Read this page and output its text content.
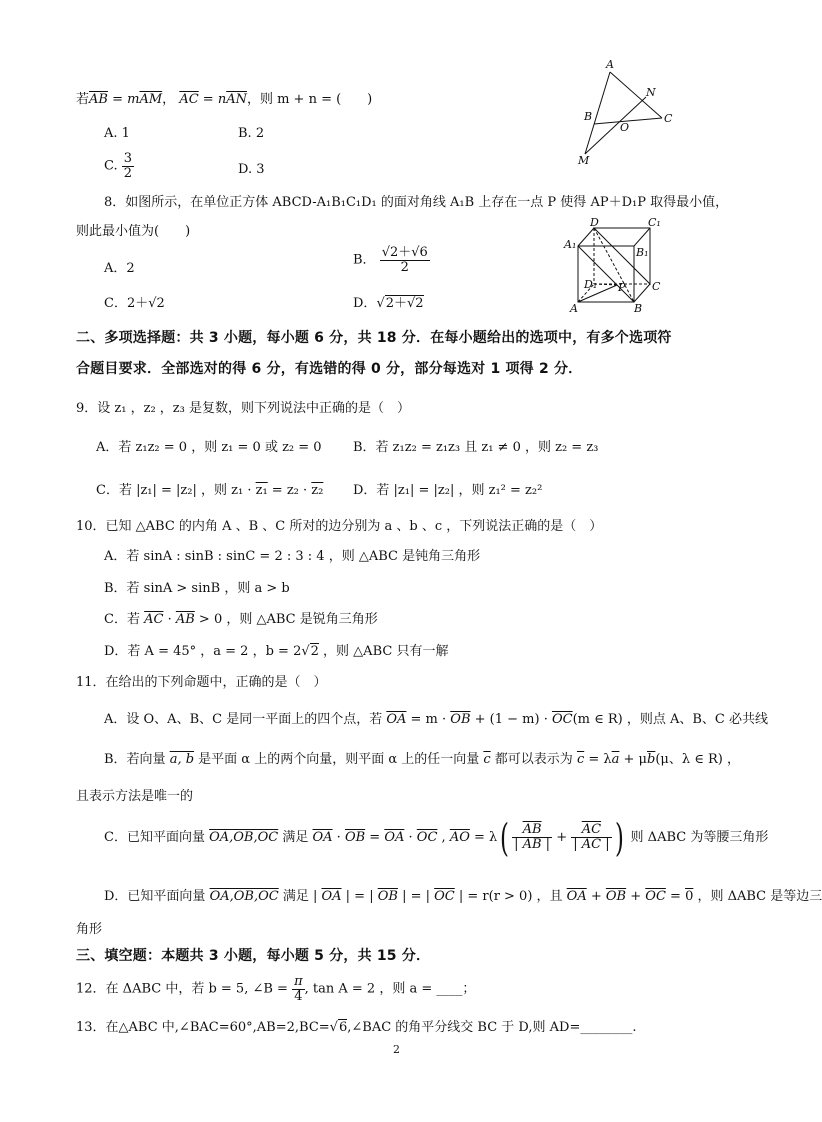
若$\overline{AB} = m\overline{AM}$， $\overline{AC} = n\overline{AN}$，则 m + n = (　　)
A. 1	B. 2
C. $\frac{3}{2}$	D. 3
A
N
B
O
C
M
8．如图所示，在单位正方体 ABCD-A₁B₁C₁D₁ 的面对角线 A₁B 上存在一点 P 使得 AP＋D₁P 取得最小值，
则此最小值为(　　)
A．2
B． $\frac{√2+√6}{2}$
C．2＋√2	D．√2＋√2
D	C₁
A₁
B₁
D₁ P C
A	B
二、多项选择题：共 3 小题，每小题 6 分，共 18 分．在每小题给出的选项中，有多个选项符
合题目要求．全部选对的得 6 分，有选错的得 0 分，部分每选对 1 项得 2 分．
9．设 z₁ ，z₂ ，z₃ 是复数，则下列说法中正确的是（　）
A．若 z₁z₂ = 0 ，则 z₁ = 0 或 z₂ = 0 B．若 z₁z₂ = z₁z₃ 且 z₁ ≠ 0 ，则 z₂ = z₃
C．若 |z₁| = |z₂| ，则 z₁ · z₁ = z₂ · z₂ D．若 |z₁| = |z₂| ，则 z₁² = z₂²
10．已知 △ABC 的内角 A 、B 、C 所对的边分别为 a 、b 、c ，下列说法正确的是（　）
A．若 sinA : sinB : sinC = 2 : 3 : 4 ，则 △ABC 是钝角三角形
B．若 sinA > sinB ，则 a > b
C．若 $\overline{AC} \cdot \overline{AB} > 0$ ，则 △ABC 是锐角三角形
D．若 A = 45° ，a = 2 ，b = 2√2 ，则 △ABC 只有一解
11．在给出的下列命题中，正确的是（　）
A．设 O、A、B、C 是同一平面上的四个点，若 $\overline{OA} = m \cdot \overline{OB} + (1 - m) \cdot \overline{OC}(m$ ∈ R) ，则点 A、B、C 必共线
B．若向量 a, b 是平面 α 上的两个向量，则平面 α 上的任一向量 $\overline{c}$ 都可以表示为 $\overline{c} = \lambda\overline{a} + \mu\overline{b}(\mu$、λ ∈ R) ，
且表示方法是唯一的
C．已知平面向量 OA,OB,OC 满足 $\overline{OA} \cdot \overline{OB} = \overline{OA} \cdot \overline{OC}$ , $\overline{AO} = \lambda( \frac{\overline{AB}}{| AB |} + \frac{\overline{AC}}{| AC |}$ ) 则 ΔABC 为等腰三角形
D．已知平面向量 OA,OB,OC 满足 | $\overline{OA}$ | = | $\overline{OB}$ | = | $\overline{OC}$ | = r(r > 0) ，且 $\overline{OA} + \overline{OB} + \overline{OC} = 0$ ，则 ΔABC 是等边三
角形
三、填空题：本题共 3 小题，每小题 5 分，共 15 分．
12．在 ΔABC 中，若 b = 5, ∠B = $\frac{\pi}{4}$ , tan A = 2 ，则 a = ____；
13．在△ABC 中,∠BAC=60°,AB=2,BC=√6,∠BAC 的角平分线交 BC 于 D,则 AD=________.
2
